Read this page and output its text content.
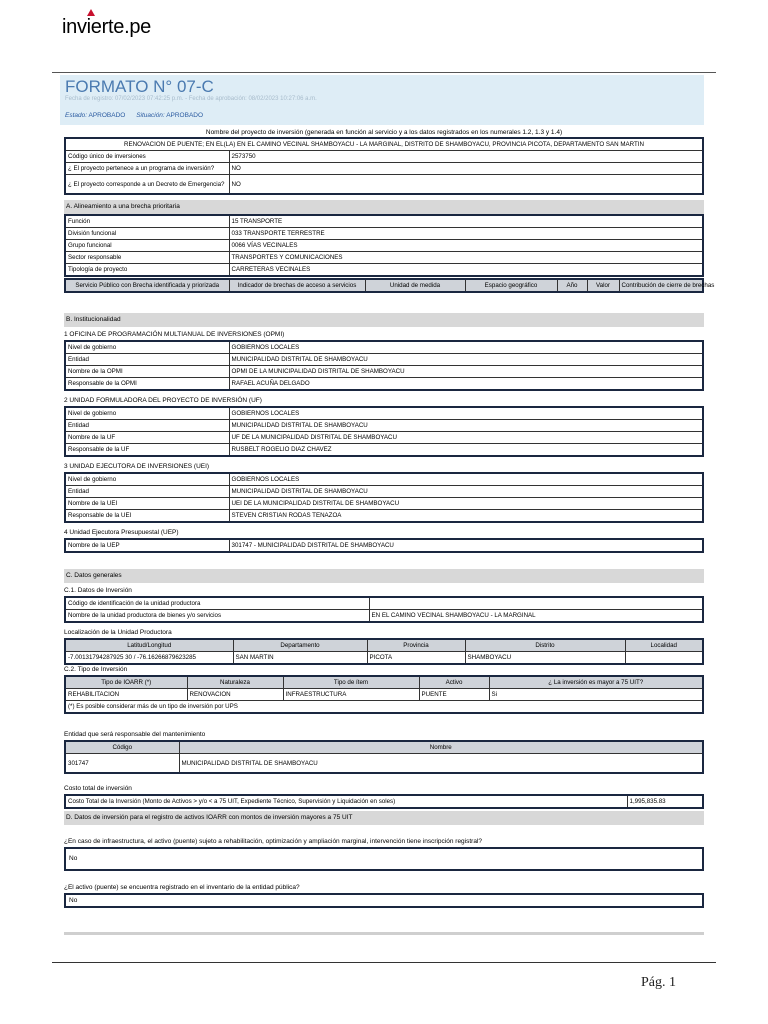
invierte.pe
FORMATO N° 07-C
Fecha de registro: 07/02/2023 07:42:25 p.m. - Fecha de aprobación: 08/02/2023 10:27:06 a.m.
Estado: APROBADO Situación: APROBADO
Nombre del proyecto de inversión (generada en función al servicio y a los datos registrados en los numerales 1.2, 1.3 y 1.4)
RENOVACION DE PUENTE; EN EL(LA) EN EL CAMINO VECINAL SHAMBOYACU - LA MARGINAL, DISTRITO DE SHAMBOYACU, PROVINCIA PICOTA, DEPARTAMENTO SAN MARTIN	
Código único de inversiones	2573750
¿ El proyecto pertenece a un programa de inversión?	NO
¿ El proyecto corresponde a un Decreto de Emergencia?	NO
A. Alineamiento a una brecha prioritaria
Función	15 TRANSPORTE
División funcional	033 TRANSPORTE TERRESTRE
Grupo funcional	0066 VÍAS VECINALES
Sector responsable	TRANSPORTES Y COMUNICACIONES
Tipología de proyecto	CARRETERAS VECINALES
Servicio Público con Brecha identificada y priorizada	Indicador de brechas de acceso a servicios	Unidad de medida	Espacio geográfico	Año	Valor	Contribución de cierre de brechas
B. Institucionalidad
1 OFICINA DE PROGRAMACIÓN MULTIANUAL DE INVERSIONES (OPMI)
Nivel de gobierno	GOBIERNOS LOCALES
Entidad	MUNICIPALIDAD DISTRITAL DE SHAMBOYACU
Nombre de la OPMI	OPMI DE LA MUNICIPALIDAD DISTRITAL DE SHAMBOYACU
Responsable de la OPMI	RAFAEL ACUÑA DELGADO
2 UNIDAD FORMULADORA DEL PROYECTO DE INVERSIÓN (UF)
Nivel de gobierno	GOBIERNOS LOCALES
Entidad	MUNICIPALIDAD DISTRITAL DE SHAMBOYACU
Nombre de la UF	UF DE LA MUNICIPALIDAD DISTRITAL DE SHAMBOYACU
Responsable de la UF	RUSBELT ROGELIO DIAZ CHAVEZ
3 UNIDAD EJECUTORA DE INVERSIONES (UEI)
Nivel de gobierno	GOBIERNOS LOCALES
Entidad	MUNICIPALIDAD DISTRITAL DE SHAMBOYACU
Nombre de la UEI	UEI DE LA MUNICIPALIDAD DISTRITAL DE SHAMBOYACU
Responsable de la UEI	STEVEN CRISTIAN RODAS TENAZOA
4 Unidad Ejecutora Presupuestal (UEP)
Nombre de la UEP	301747 - MUNICIPALIDAD DISTRITAL DE SHAMBOYACU
C. Datos generales
C.1. Datos de Inversión
Código de identificación de la unidad productora	
Nombre de la unidad productora de bienes y/o servicios	EN EL CAMINO VECINAL SHAMBOYACU - LA MARGINAL
Localización de la Unidad Productora
Latitud/Longitud	Departamento	Provincia	Distrito	Localidad
-7.00131794287925 30 / -76.16266879623285	SAN MARTIN	PICOTA	SHAMBOYACU	
C.2. Tipo de Inversión
Tipo de IOARR (*)	Naturaleza	Tipo de ítem	Activo	¿ La inversión es mayor a 75 UIT?
REHABILITACION	RENOVACION	INFRAESTRUCTURA	PUENTE	Si
(*) Es posible considerar más de un tipo de inversión por UPS				
Entidad que será responsable del mantenimiento
Código	Nombre
301747	MUNICIPALIDAD DISTRITAL DE SHAMBOYACU
Costo total de inversión
Costo Total de la Inversión (Monto de Activos > y/o < a 75 UIT, Expediente Técnico, Supervisión y Liquidación en soles)	1,995,835.83
D. Datos de inversión para el registro de activos IOARR con montos de inversión mayores a 75 UIT
¿En caso de infraestructura, el activo (puente) sujeto a rehabilitación, optimización y ampliación marginal, intervención tiene inscripción registral?
No
¿El activo (puente) se encuentra registrado en el inventario de la entidad pública?
No
Pág. 1
